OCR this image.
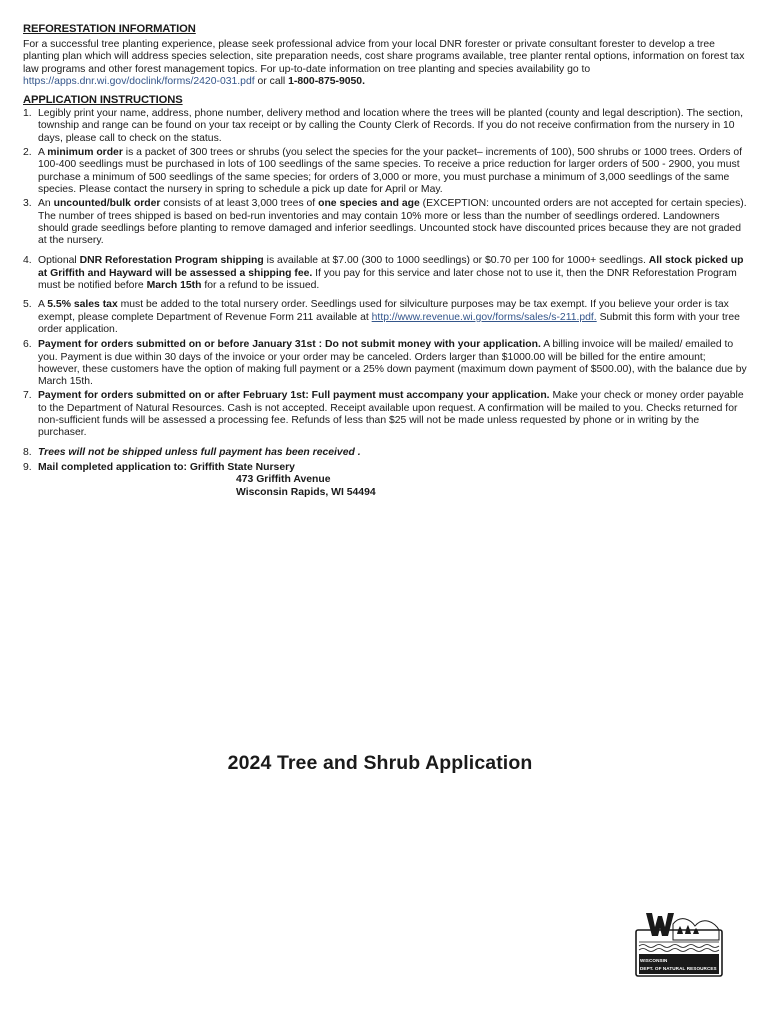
REFORESTATION INFORMATION

For a successful tree planting experience, please seek professional advice from your local DNR forester or private consultant forester to develop a tree planting plan which will address species selection, site preparation needs, cost share programs available, tree planter rental options, information on forest tax law programs and other forest management topics. For up-to-date information on tree planting and species availability go to https://apps.dnr.wi.gov/doclink/forms/2420-031.pdf or call 1-800-875-9050.

APPLICATION INSTRUCTIONS
1. Legibly print your name, address, phone number, delivery method and location where the trees will be planted (county and legal description). The section, township and range can be found on your tax receipt or by calling the County Clerk of Records. If you do not receive confirmation from the nursery in 10 days, please call to check on the status.
2. A minimum order is a packet of 300 trees or shrubs (you select the species for the your packet– increments of 100), 500 shrubs or 1000 trees. Orders of 100-400 seedlings must be purchased in lots of 100 seedlings of the same species. To receive a price reduction for larger orders of 500 - 2900, you must purchase a minimum of 500 seedlings of the same species; for orders of 3,000 or more, you must purchase a minimum of 3,000 seedlings of the same species. Please contact the nursery in spring to schedule a pick up date for April or May.
3. An uncounted/bulk order consists of at least 3,000 trees of one species and age (EXCEPTION: uncounted orders are not accepted for certain species). The number of trees shipped is based on bed-run inventories and may contain 10% more or less than the number of seedlings ordered. Landowners should grade seedlings before planting to remove damaged and inferior seedlings. Uncounted stock have discounted prices because they are not graded at the nursery.
4. Optional DNR Reforestation Program shipping is available at $7.00 (300 to 1000 seedlings) or $0.70 per 100 for 1000+ seedlings. All stock picked up at Griffith and Hayward will be assessed a shipping fee. If you pay for this service and later chose not to use it, then the DNR Reforestation Program must be notified before March 15th for a refund to be issued.
5. A 5.5% sales tax must be added to the total nursery order. Seedlings used for silviculture purposes may be tax exempt. If you believe your order is tax exempt, please complete Department of Revenue Form 211 available at http://www.revenue.wi.gov/forms/sales/s-211.pdf. Submit this form with your tree order application.
6. Payment for orders submitted on or before January 31st : Do not submit money with your application. A billing invoice will be mailed/ emailed to you. Payment is due within 30 days of the invoice or your order may be canceled. Orders larger than $1000.00 will be billed for the entire amount; however, these customers have the option of making full payment or a 25% down payment (maximum down payment of $500.00), with the balance due by March 15th.
7. Payment for orders submitted on or after February 1st: Full payment must accompany your application. Make your check or money order payable to the Department of Natural Resources. Cash is not accepted. Receipt available upon request. A confirmation will be mailed to you. Checks returned for non-sufficient funds will be assessed a processing fee. Refunds of less than $25 will not be made unless requested by phone or in writing by the purchaser.
8. Trees will not be shipped unless full payment has been received .
9. Mail completed application to: Griffith State Nursery
473 Griffith Avenue
Wisconsin Rapids, WI 54494
2024 Tree and Shrub Application
WISCONSIN
DEPT. OF NATURAL RESOURCES
